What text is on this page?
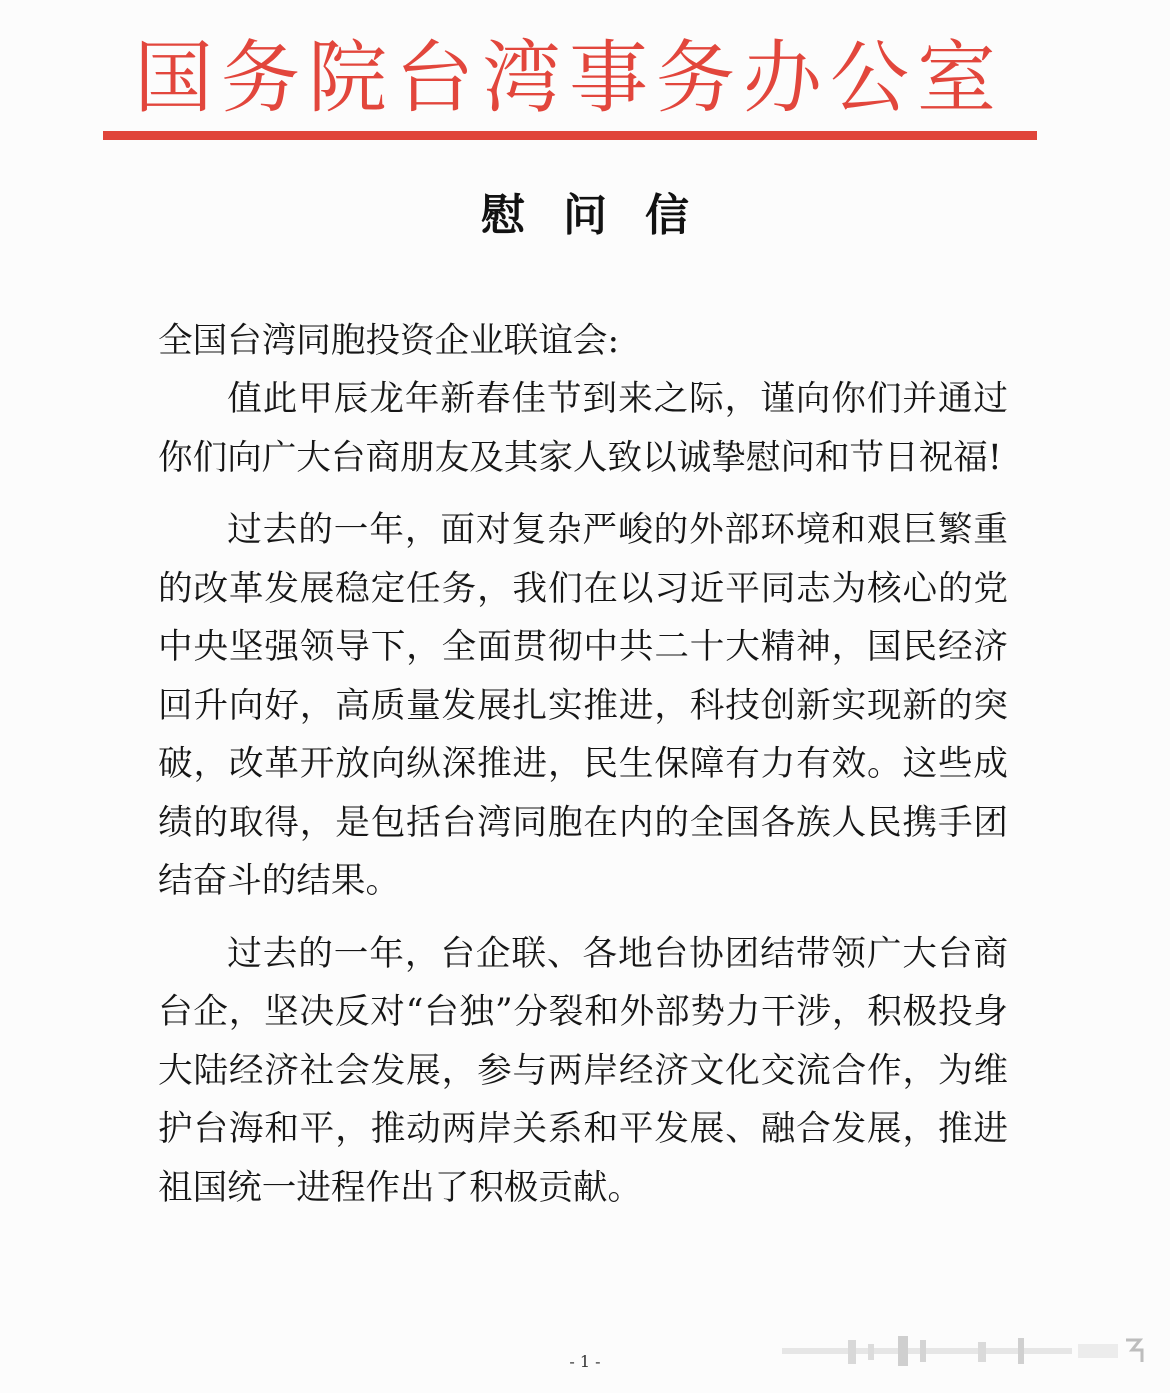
国务院台湾事务办公室
慰问信

全国台湾同胞投资企业联谊会:

值此甲辰龙年新春佳节到来之际，谨向你们并通过你们向广大台商朋友及其家人致以诚挚慰问和节日祝福!

过去的一年，面对复杂严峻的外部环境和艰巨繁重的改革发展稳定任务，我们在以习近平同志为核心的党中央坚强领导下，全面贯彻中共二十大精神，国民经济回升向好，高质量发展扎实推进，科技创新实现新的突破，改革开放向纵深推进，民生保障有力有效。这些成绩的取得，是包括台湾同胞在内的全国各族人民携手团结奋斗的结果。

过去的一年，台企联、各地台协团结带领广大台商台企，坚决反对“台独”分裂和外部势力干涉，积极投身大陆经济社会发展，参与两岸经济文化交流合作，为维护台海和平，推动两岸关系和平发展、融合发展，推进祖国统一进程作出了积极贡献。

- 1 -
